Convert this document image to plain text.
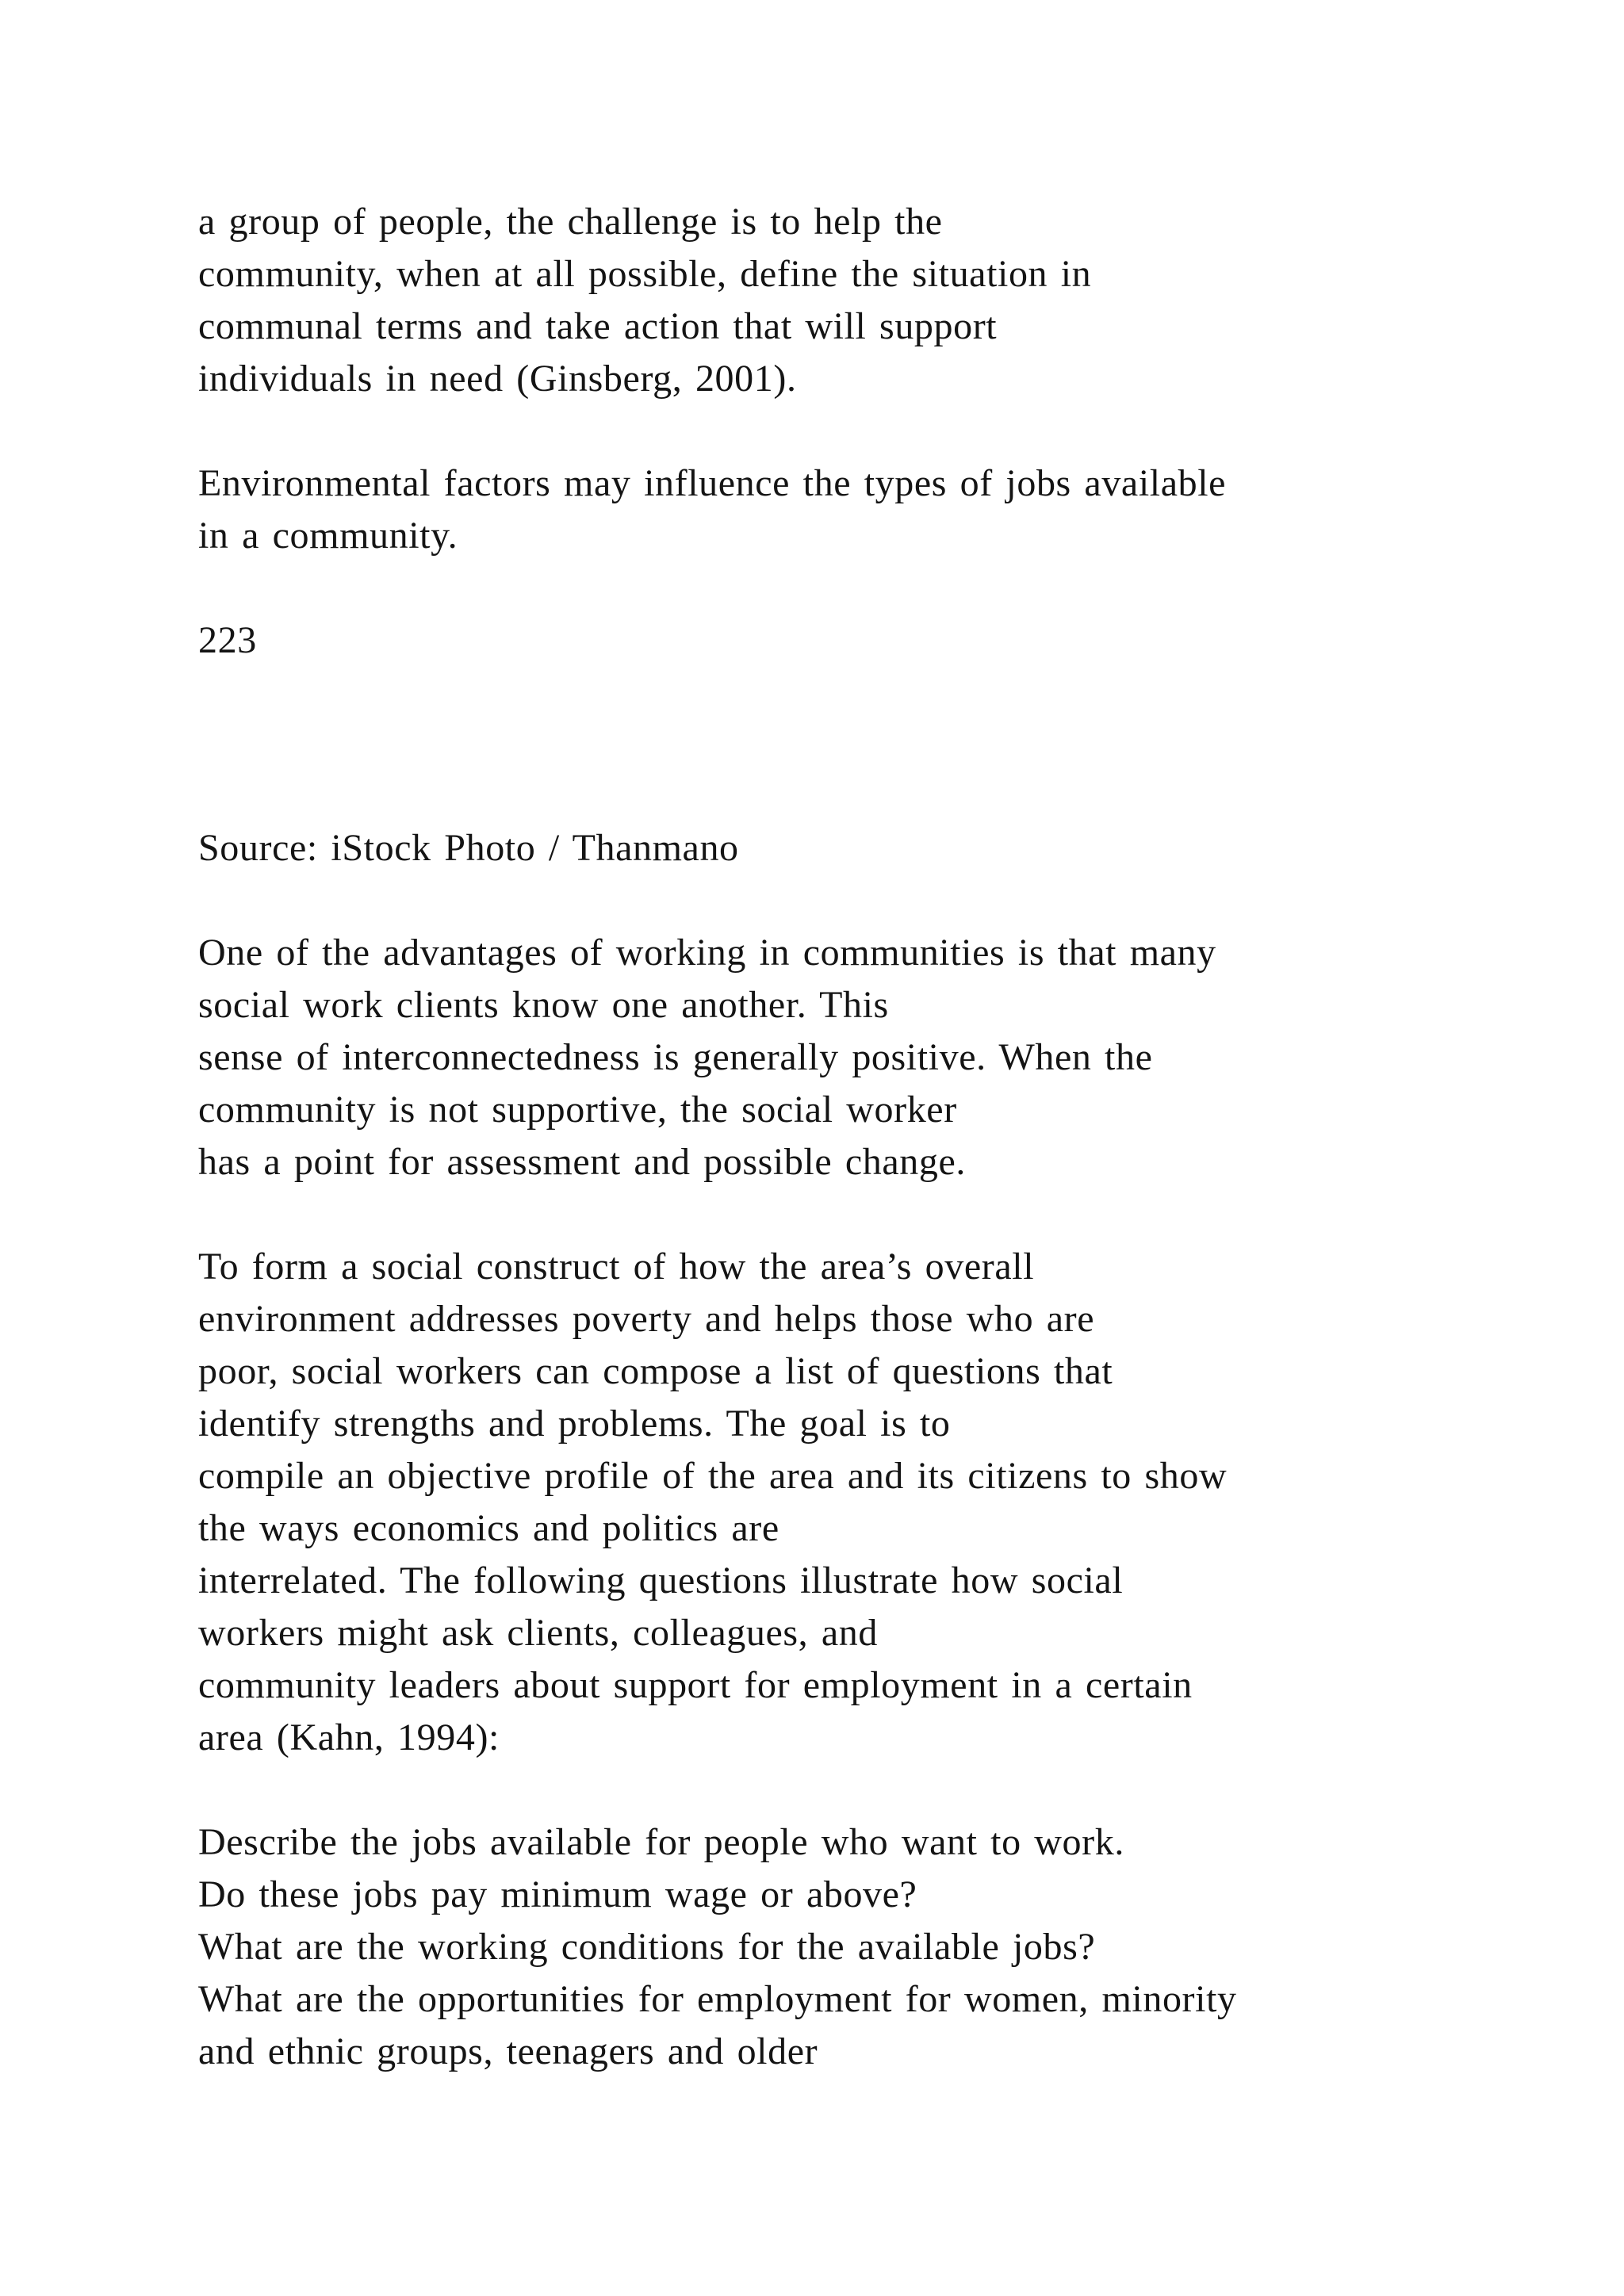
a group of people, the challenge is to help the

community, when at all possible, define the situation in

communal terms and take action that will support

individuals in need (Ginsberg, 2001).

Environmental factors may influence the types of jobs available

in a community.

223

Source: iStock Photo / Thanmano

One of the advantages of working in communities is that many

social work clients know one another. This

sense of interconnectedness is generally positive. When the

community is not supportive, the social worker

has a point for assessment and possible change.

To form a social construct of how the area’s overall

environment addresses poverty and helps those who are

poor, social workers can compose a list of questions that

identify strengths and problems. The goal is to

compile an objective profile of the area and its citizens to show

the ways economics and politics are

interrelated. The following questions illustrate how social

workers might ask clients, colleagues, and

community leaders about support for employment in a certain

area (Kahn, 1994):

Describe the jobs available for people who want to work.

Do these jobs pay minimum wage or above?

What are the working conditions for the available jobs?

What are the opportunities for employment for women, minority

and ethnic groups, teenagers and older
